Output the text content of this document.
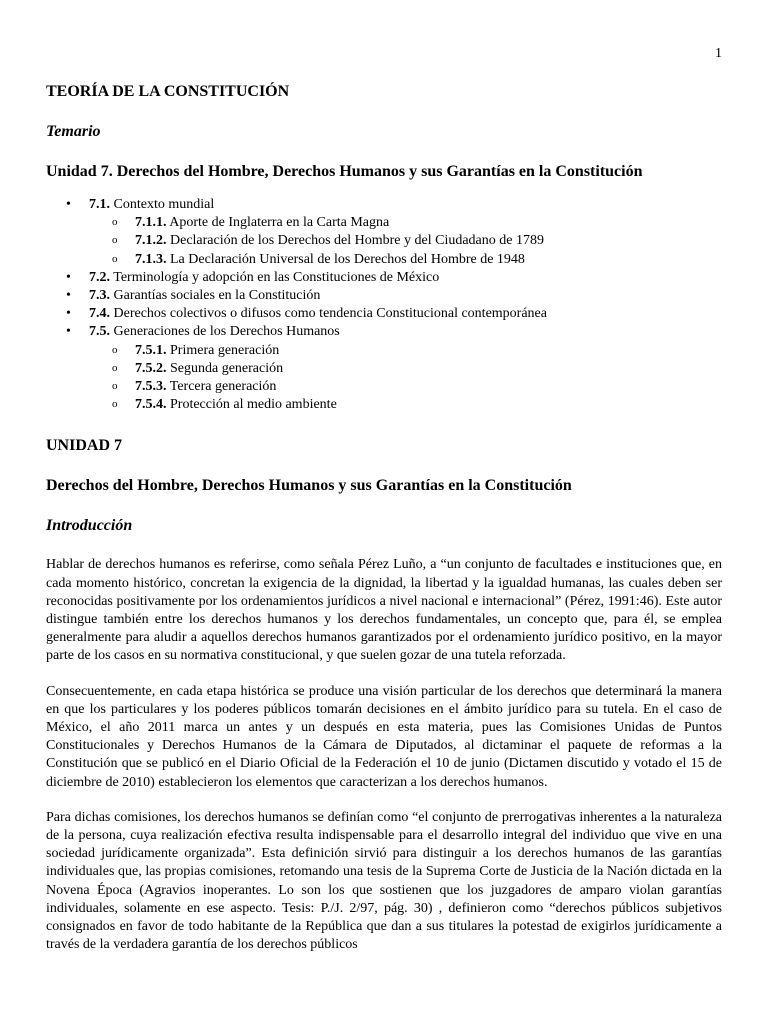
1
TEORÍA DE LA CONSTITUCIÓN
Temario
Unidad 7. Derechos del Hombre, Derechos Humanos y sus Garantías en la Constitución
• 7.1. Contexto mundial
o 7.1.1. Aporte de Inglaterra en la Carta Magna
o 7.1.2. Declaración de los Derechos del Hombre y del Ciudadano de 1789
o 7.1.3. La Declaración Universal de los Derechos del Hombre de 1948
• 7.2. Terminología y adopción en las Constituciones de México
• 7.3. Garantías sociales en la Constitución
• 7.4. Derechos colectivos o difusos como tendencia Constitucional contemporánea
• 7.5. Generaciones de los Derechos Humanos
o 7.5.1. Primera generación
o 7.5.2. Segunda generación
o 7.5.3. Tercera generación
o 7.5.4. Protección al medio ambiente
UNIDAD 7
Derechos del Hombre, Derechos Humanos y sus Garantías en la Constitución
Introducción

Hablar de derechos humanos es referirse, como señala Pérez Luño, a “un conjunto de facultades e instituciones que, en cada momento histórico, concretan la exigencia de la dignidad, la libertad y la igualdad humanas, las cuales deben ser reconocidas positivamente por los ordenamientos jurídicos a nivel nacional e internacional” (Pérez, 1991:46). Este autor distingue también entre los derechos humanos y los derechos fundamentales, un concepto que, para él, se emplea generalmente para aludir a aquellos derechos humanos garantizados por el ordenamiento jurídico positivo, en la mayor parte de los casos en su normativa constitucional, y que suelen gozar de una tutela reforzada.

Consecuentemente, en cada etapa histórica se produce una visión particular de los derechos que determinará la manera en que los particulares y los poderes públicos tomarán decisiones en el ámbito jurídico para su tutela. En el caso de México, el año 2011 marca un antes y un después en esta materia, pues las Comisiones Unidas de Puntos Constitucionales y Derechos Humanos de la Cámara de Diputados, al dictaminar el paquete de reformas a la Constitución que se publicó en el Diario Oficial de la Federación el 10 de junio (Dictamen discutido y votado el 15 de diciembre de 2010) establecieron los elementos que caracterizan a los derechos humanos.

Para dichas comisiones, los derechos humanos se definían como “el conjunto de prerrogativas inherentes a la naturaleza de la persona, cuya realización efectiva resulta indispensable para el desarrollo integral del individuo que vive en una sociedad jurídicamente organizada”. Esta definición sirvió para distinguir a los derechos humanos de las garantías individuales que, las propias comisiones, retomando una tesis de la Suprema Corte de Justicia de la Nación dictada en la Novena Época (Agravios inoperantes. Lo son los que sostienen que los juzgadores de amparo violan garantías individuales, solamente en ese aspecto. Tesis: P./J. 2/97, pág. 30) , definieron como “derechos públicos subjetivos consignados en favor de todo habitante de la República que dan a sus titulares la potestad de exigirlos jurídicamente a través de la verdadera garantía de los derechos públicos
